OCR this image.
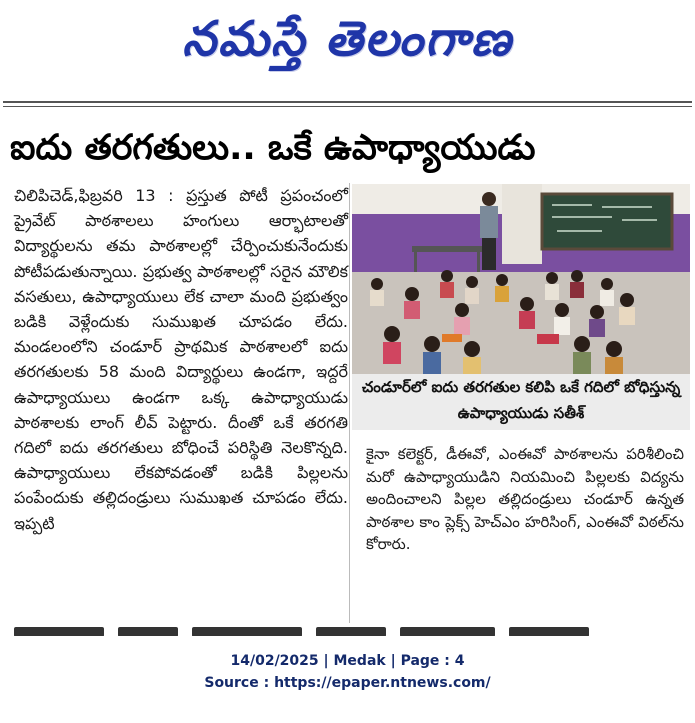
నమస్తే తెలంగాణ
ఐదు తరగతులు.. ఒకే ఉపాధ్యాయుడు

చిలిపిచెడ్,ఫిబ్రవరి 13 : ప్రస్తుత పోటీ ప్రపంచంలో ప్రైవేట్ పాఠశాలలు హంగులు ఆర్భాటాలతో విద్యార్థులను తమ పాఠశాలల్లో చేర్పించుకునేందుకు పోటీపడుతున్నాయి. ప్రభుత్వ పాఠశాలల్లో సరైన మౌలిక వసతులు, ఉపాధ్యాయులు లేక చాలా మంది ప్రభుత్వం బడికి వెళ్లేందుకు సుముఖత చూపడం లేదు. మండలంలోని చండూర్ ప్రాథమిక పాఠశాలలో ఐదు తరగతులకు 58 మంది విద్యార్థులు ఉండగా, ఇద్దరే ఉపాధ్యాయులు ఉండగా ఒక్క ఉపాధ్యాయుడు పాఠశాలకు లాంగ్ లీవ్ పెట్టారు. దీంతో ఒకే తరగతి గదిలో ఐదు తరగతులు బోధించే పరిస్థితి నెలకొన్నది. ఉపాధ్యాయులు లేకపోవడంతో బడికి పిల్లలను పంపేందుకు తల్లిదండ్రులు సుముఖత చూపడం లేదు. ఇప్పటి

చండూర్‌లో ఐదు తరగతుల కలిపి ఒకే గదిలో బోధిస్తున్న ఉపాధ్యాయుడు సతీశ్

కైనా కలెక్టర్, డీఈవో, ఎంఈవో పాఠశాలను పరిశీలించి మరో ఉపాధ్యాయుడిని నియమించి పిల్లలకు విద్యను అందించాలని పిల్లల తల్లిదండ్రులు చండూర్ ఉన్నత పాఠశాల కాం ప్లెక్స్ హెచ్ఎం హరిసింగ్, ఎంఈవో విఠల్‌ను కోరారు.

14/02/2025 | Medak | Page : 4
Source : https://epaper.ntnews.com/
